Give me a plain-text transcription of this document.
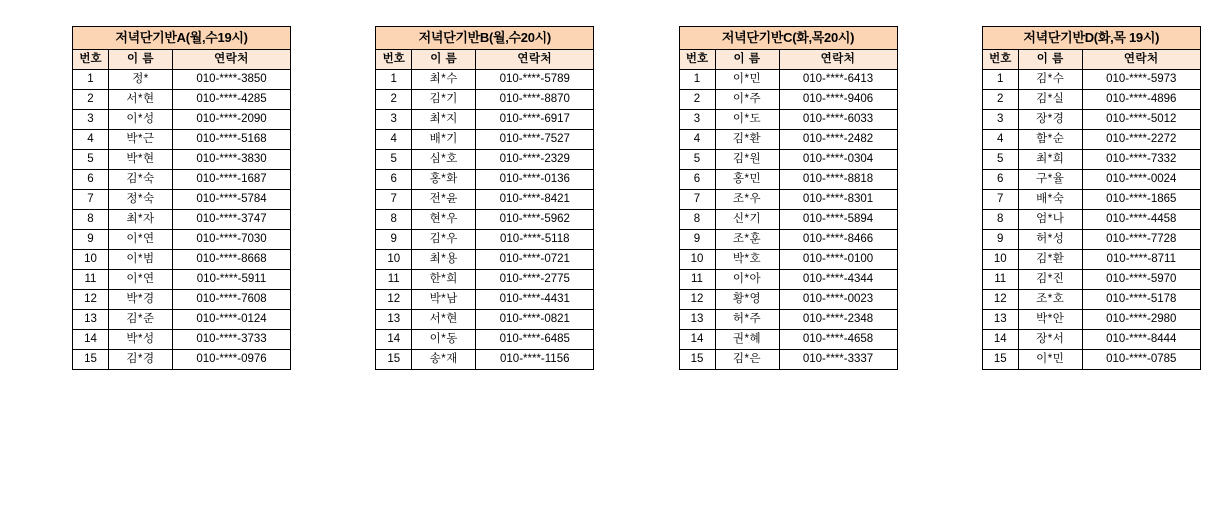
저녁단기반A(월,수19시)		
번호	이 름	연락처
1	정*	010-****-3850
2	서*현	010-****-4285
3	이*성	010-****-2090
4	박*근	010-****-5168
5	박*현	010-****-3830
6	김*숙	010-****-1687
7	정*숙	010-****-5784
8	최*자	010-****-3747
9	이*연	010-****-7030
10	이*범	010-****-8668
11	이*연	010-****-5911
12	박*경	010-****-7608
13	김*준	010-****-0124
14	박*성	010-****-3733
15	김*경	010-****-0976
저녁단기반B(월,수20시)		
번호	이 름	연락처
1	최*수	010-****-5789
2	김*기	010-****-8870
3	최*지	010-****-6917
4	배*기	010-****-7527
5	심*호	010-****-2329
6	홍*화	010-****-0136
7	전*윤	010-****-8421
8	현*우	010-****-5962
9	김*우	010-****-5118
10	최*용	010-****-0721
11	한*희	010-****-2775
12	박*남	010-****-4431
13	서*현	010-****-0821
14	이*동	010-****-6485
15	송*재	010-****-1156
저녁단기반C(화,목20시)		
번호	이 름	연락처
1	이*민	010-****-6413
2	이*주	010-****-9406
3	이*도	010-****-6033
4	김*환	010-****-2482
5	김*원	010-****-0304
6	홍*민	010-****-8818
7	조*우	010-****-8301
8	신*기	010-****-5894
9	조*훈	010-****-8466
10	박*호	010-****-0100
11	이*아	010-****-4344
12	황*영	010-****-0023
13	허*주	010-****-2348
14	권*혜	010-****-4658
15	김*은	010-****-3337
저녁단기반D(화,목 19시)		
번호	이 름	연락처
1	김*수	010-****-5973
2	김*실	010-****-4896
3	장*경	010-****-5012
4	함*순	010-****-2272
5	최*희	010-****-7332
6	구*율	010-****-0024
7	배*숙	010-****-1865
8	엄*나	010-****-4458
9	허*성	010-****-7728
10	김*환	010-****-8711
11	김*진	010-****-5970
12	조*호	010-****-5178
13	박*안	010-****-2980
14	장*서	010-****-8444
15	이*민	010-****-0785
